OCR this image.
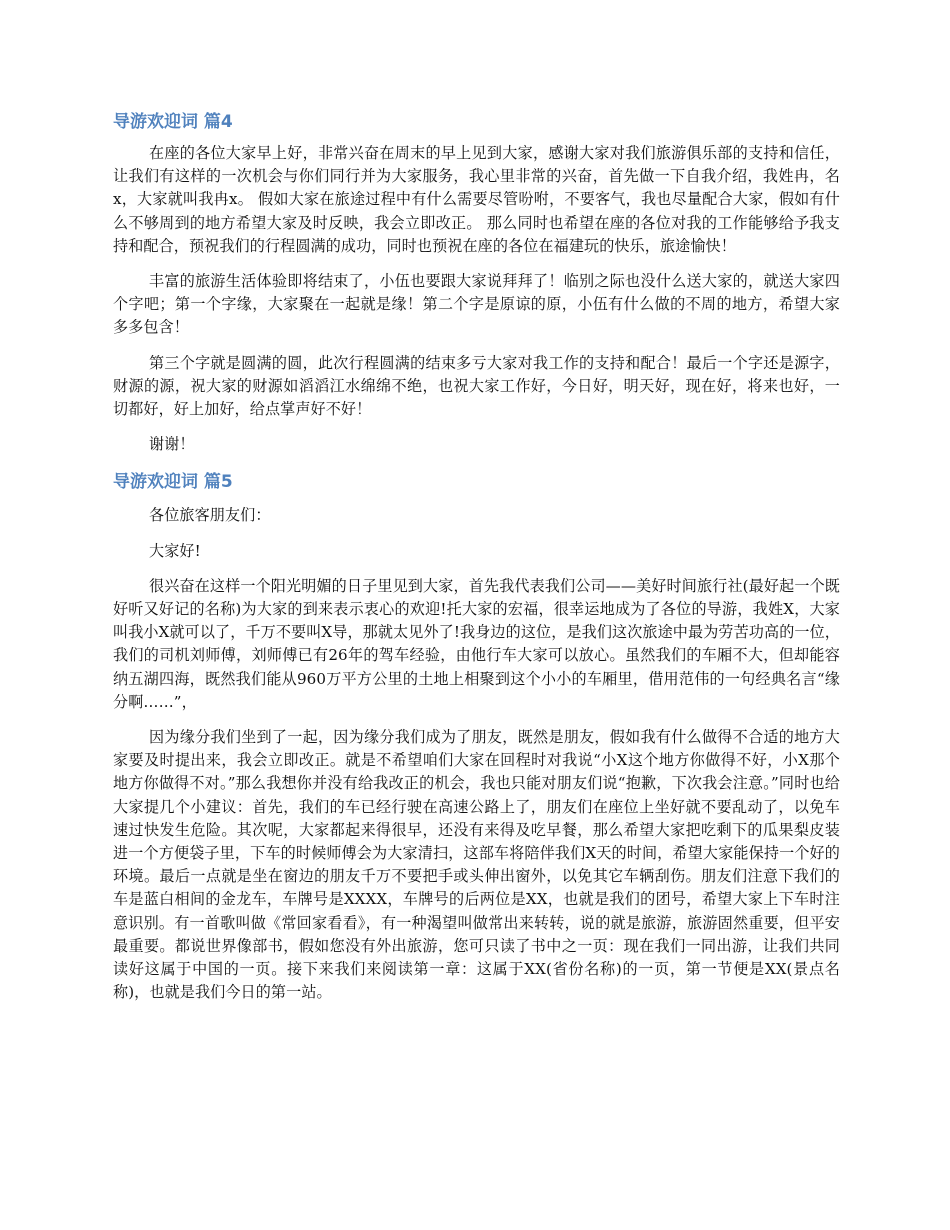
导游欢迎词 篇4

在座的各位大家早上好，非常兴奋在周末的早上见到大家，感谢大家对我们旅游俱乐部的支持和信任，让我们有这样的一次机会与你们同行并为大家服务，我心里非常的兴奋，首先做一下自我介绍，我姓冉，名x，大家就叫我冉x。 假如大家在旅途过程中有什么需要尽管吩咐，不要客气，我也尽量配合大家，假如有什么不够周到的地方希望大家及时反映，我会立即改正。 那么同时也希望在座的各位对我的工作能够给予我支持和配合，预祝我们的行程圆满的成功，同时也预祝在座的各位在福建玩的快乐，旅途愉快！

丰富的旅游生活体验即将结束了，小伍也要跟大家说拜拜了！临别之际也没什么送大家的，就送大家四个字吧；第一个字缘，大家聚在一起就是缘！第二个字是原谅的原，小伍有什么做的不周的地方，希望大家多多包含！

第三个字就是圆满的圆，此次行程圆满的结束多亏大家对我工作的支持和配合！最后一个字还是源字，财源的源，祝大家的财源如滔滔江水绵绵不绝，也祝大家工作好，今日好，明天好，现在好，将来也好，一切都好，好上加好，给点掌声好不好！

谢谢！

导游欢迎词 篇5

各位旅客朋友们：

大家好!

很兴奋在这样一个阳光明媚的日子里见到大家，首先我代表我们公司——美好时间旅行社(最好起一个既好听又好记的名称)为大家的到来表示衷心的欢迎!托大家的宏福，很幸运地成为了各位的导游，我姓X，大家叫我小X就可以了，千万不要叫X导，那就太见外了!我身边的这位，是我们这次旅途中最为劳苦功高的一位，我们的司机刘师傅，刘师傅已有26年的驾车经验，由他行车大家可以放心。虽然我们的车厢不大，但却能容纳五湖四海，既然我们能从960万平方公里的土地上相聚到这个小小的车厢里，借用范伟的一句经典名言“缘分啊……”，

因为缘分我们坐到了一起，因为缘分我们成为了朋友，既然是朋友，假如我有什么做得不合适的地方大家要及时提出来，我会立即改正。就是不希望咱们大家在回程时对我说“小X这个地方你做得不好，小X那个地方你做得不对。”那么我想你并没有给我改正的机会，我也只能对朋友们说“抱歉，下次我会注意。”同时也给大家提几个小建议：首先，我们的车已经行驶在高速公路上了，朋友们在座位上坐好就不要乱动了，以免车速过快发生危险。其次呢，大家都起来得很早，还没有来得及吃早餐，那么希望大家把吃剩下的瓜果梨皮装进一个方便袋子里，下车的时候师傅会为大家清扫，这部车将陪伴我们X天的时间，希望大家能保持一个好的环境。最后一点就是坐在窗边的朋友千万不要把手或头伸出窗外，以免其它车辆刮伤。朋友们注意下我们的车是蓝白相间的金龙车，车牌号是XXXX，车牌号的后两位是XX，也就是我们的团号，希望大家上下车时注意识别。有一首歌叫做《常回家看看》，有一种渴望叫做常出来转转，说的就是旅游，旅游固然重要，但平安最重要。都说世界像部书，假如您没有外出旅游，您可只读了书中之一页：现在我们一同出游，让我们共同读好这属于中国的一页。接下来我们来阅读第一章：这属于XX(省份名称)的一页，第一节便是XX(景点名称)，也就是我们今日的第一站。
